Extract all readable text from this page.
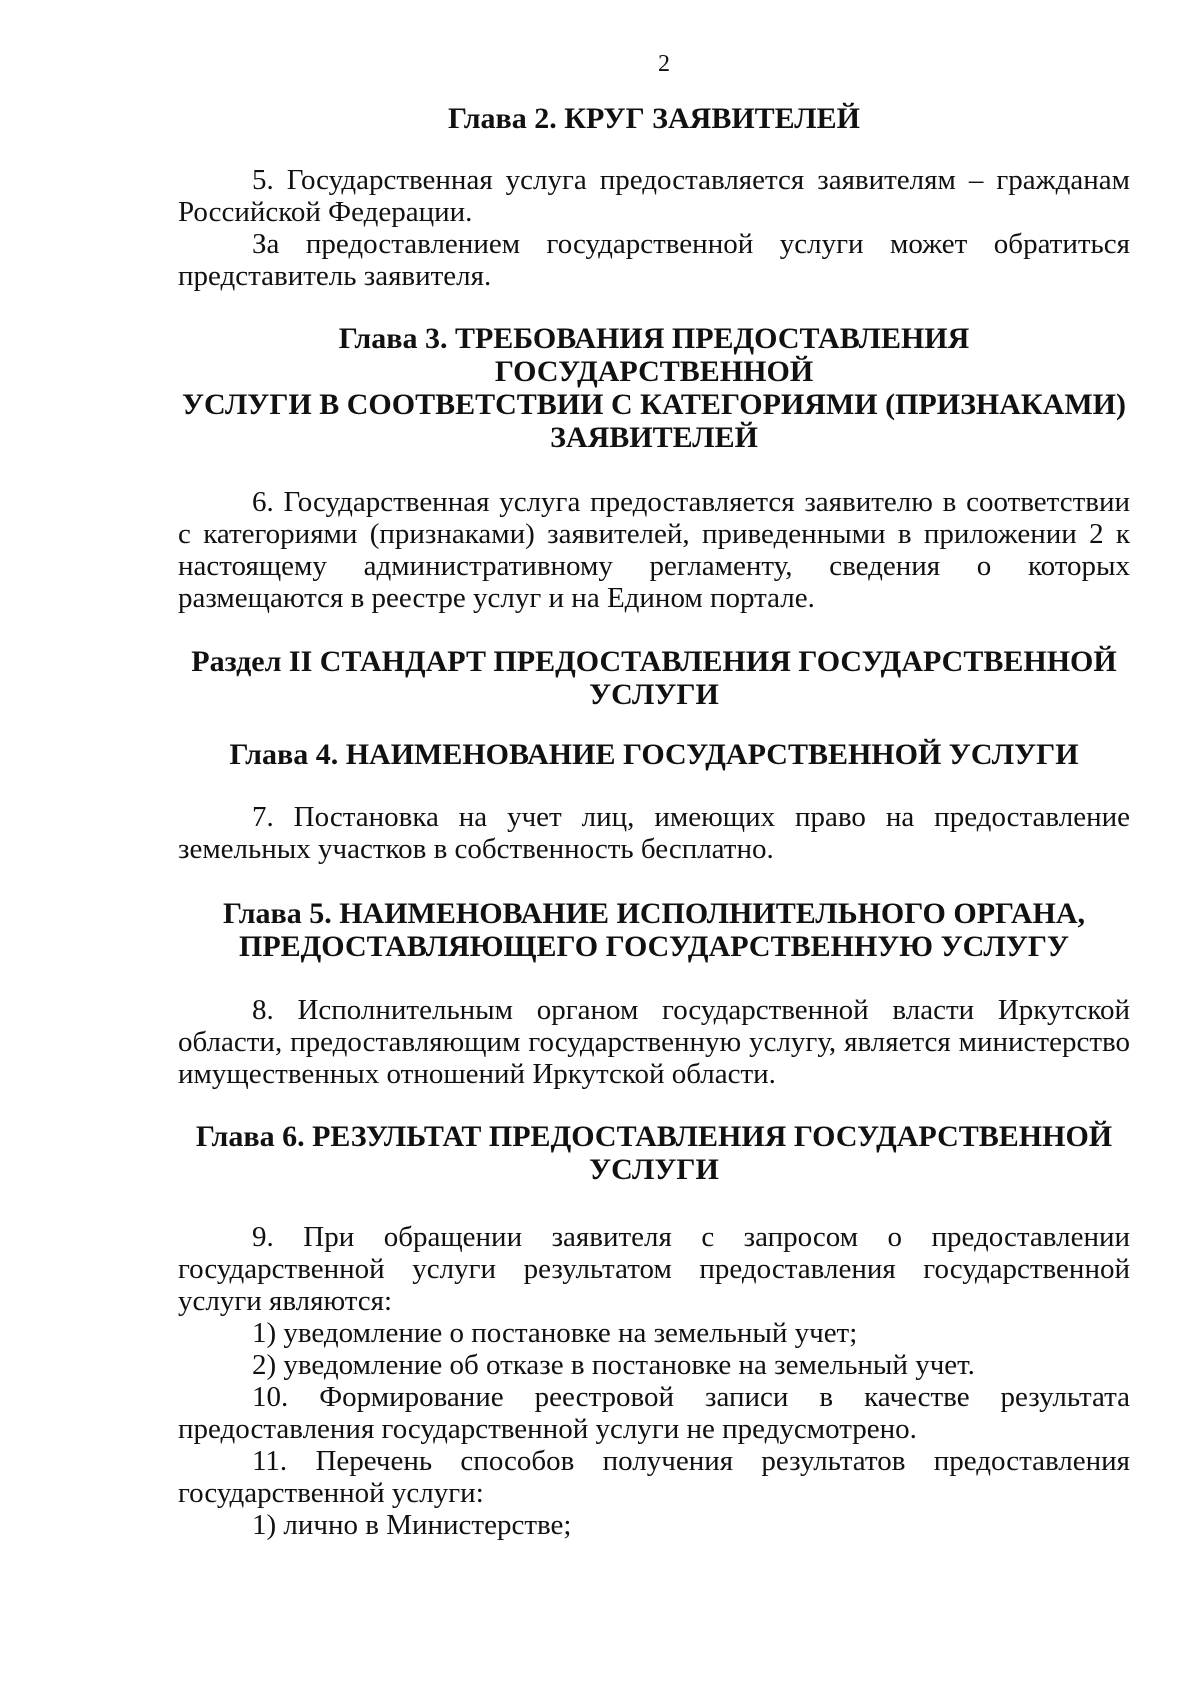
2
Глава 2. КРУГ ЗАЯВИТЕЛЕЙ

5. Государственная услуга предоставляется заявителям – гражданам Российской Федерации.

За предоставлением государственной услуги может обратиться представитель заявителя.

Глава 3. ТРЕБОВАНИЯ ПРЕДОСТАВЛЕНИЯ ГОСУДАРСТВЕННОЙ
УСЛУГИ В СООТВЕТСТВИИ С КАТЕГОРИЯМИ (ПРИЗНАКАМИ)
ЗАЯВИТЕЛЕЙ

6. Государственная услуга предоставляется заявителю в соответствии с категориями (признаками) заявителей, приведенными в приложении 2 к настоящему административному регламенту, сведения о которых размещаются в реестре услуг и на Едином портале.

Раздел II СТАНДАРТ ПРЕДОСТАВЛЕНИЯ ГОСУДАРСТВЕННОЙ
УСЛУГИ
Глава 4. НАИМЕНОВАНИЕ ГОСУДАРСТВЕННОЙ УСЛУГИ

7. Постановка на учет лиц, имеющих право на предоставление земельных участков в собственность бесплатно.

Глава 5. НАИМЕНОВАНИЕ ИСПОЛНИТЕЛЬНОГО ОРГАНА,
ПРЕДОСТАВЛЯЮЩЕГО ГОСУДАРСТВЕННУЮ УСЛУГУ

8. Исполнительным органом государственной власти Иркутской области, предоставляющим государственную услугу, является министерство имущественных отношений Иркутской области.

Глава 6. РЕЗУЛЬТАТ ПРЕДОСТАВЛЕНИЯ ГОСУДАРСТВЕННОЙ
УСЛУГИ

9. При обращении заявителя с запросом о предоставлении государственной услуги результатом предоставления государственной услуги являются:

1) уведомление о постановке на земельный учет;

2) уведомление об отказе в постановке на земельный учет.

10. Формирование реестровой записи в качестве результата предоставления государственной услуги не предусмотрено.

11. Перечень способов получения результатов предоставления государственной услуги:

1) лично в Министерстве;
